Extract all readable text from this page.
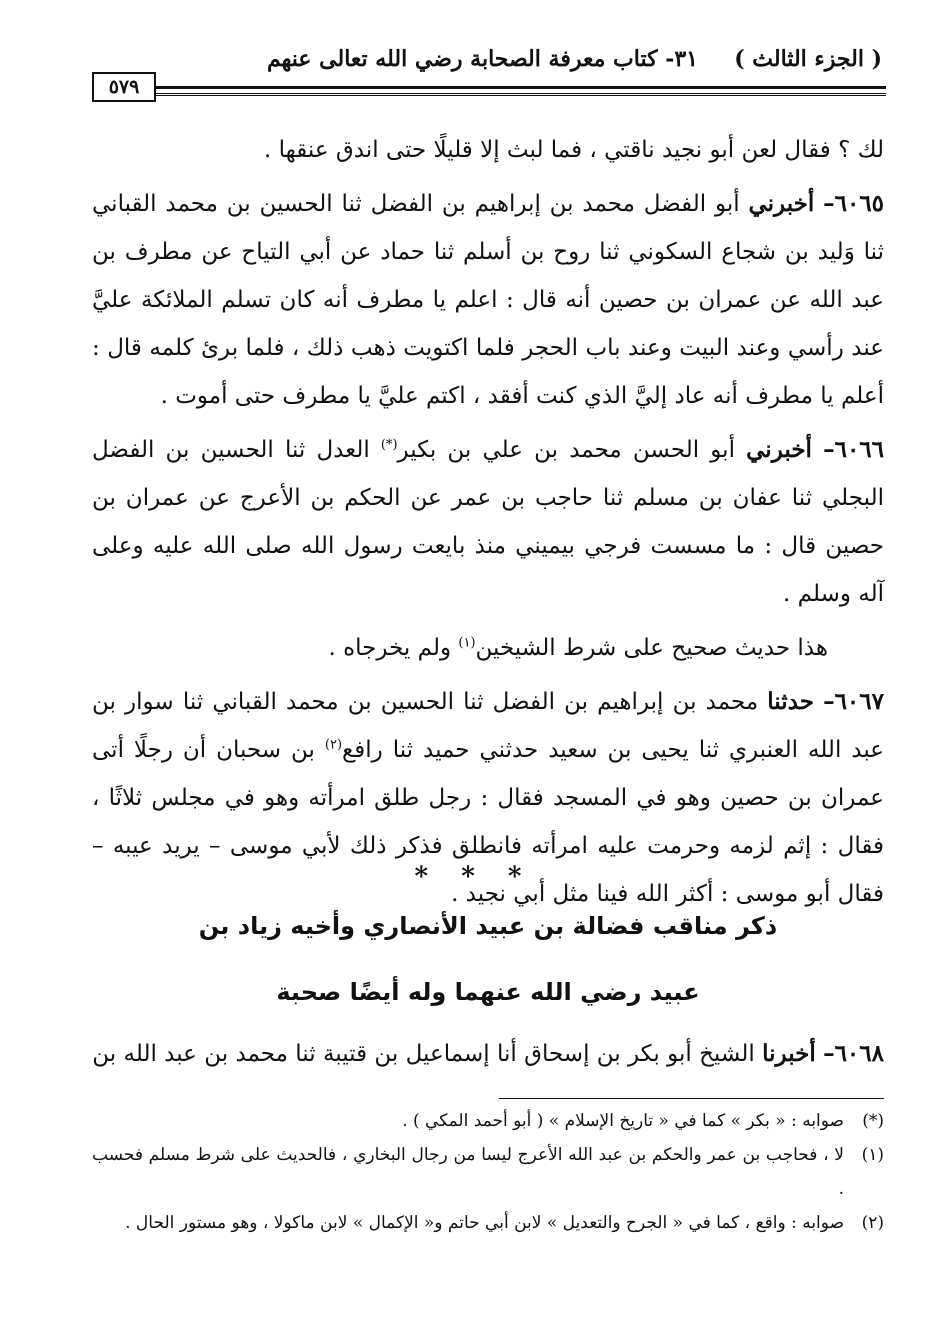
( الجزء الثالث )
٣١- كتاب معرفة الصحابة رضي الله تعالى عنهم
٥٧٩

لك ؟ فقال لعن أبو نجيد ناقتي ، فما لبث إلا قليلًا حتى اندق عنقها .

٦٠٦٥– أخبرني أبو الفضل محمد بن إبراهيم بن الفضل ثنا الحسين بن محمد القباني ثنا وَليد بن شجاع السكوني ثنا روح بن أسلم ثنا حماد عن أبي التياح عن مطرف بن عبد الله عن عمران بن حصين أنه قال : اعلم يا مطرف أنه كان تسلم الملائكة عليَّ عند رأسي وعند البيت وعند باب الحجر فلما اكتويت ذهب ذلك ، فلما برئ كلمه قال : أعلم يا مطرف أنه عاد إليَّ الذي كنت أفقد ، اكتم عليَّ يا مطرف حتى أموت .

٦٠٦٦– أخبرني أبو الحسن محمد بن علي بن بكير(*) العدل ثنا الحسين بن الفضل البجلي ثنا عفان بن مسلم ثنا حاجب بن عمر عن الحكم بن الأعرج عن عمران بن حصين قال : ما مسست فرجي بيميني منذ بايعت رسول الله صلى الله عليه وعلى آله وسلم .

هذا حديث صحيح على شرط الشيخين$^{(١)}$ ولم يخرجاه .

٦٠٦٧– حدثنا محمد بن إبراهيم بن الفضل ثنا الحسين بن محمد القباني ثنا سوار بن عبد الله العنبري ثنا يحيى بن سعيد حدثني حميد ثنا رافع$^{(٢)}$ بن سحبان أن رجلًا أتى عمران بن حصين وهو في المسجد فقال : رجل طلق امرأته وهو في مجلس ثلاثًا ، فقال : إثم لزمه وحرمت عليه امرأته فانطلق فذكر ذلك لأبي موسى – يريد عيبه – فقال أبو موسى : أكثر الله فينا مثل أبي نجيد .

* * *
ذكر مناقب فضالة بن عبيد الأنصاري وأخيه زياد بن
عبيد رضي الله عنهما وله أيضًا صحبة
٦٠٦٨– أخبرنا الشيخ أبو بكر بن إسحاق أنا إسماعيل بن قتيبة ثنا محمد بن عبد الله بن
(*)
صوابه : « بكر » كما في « تاريخ الإسلام » ( أبو أحمد المكي ) .
(١)
لا ، فحاجب بن عمر والحكم بن عبد الله الأعرج ليسا من رجال البخاري ، فالحديث على شرط مسلم فحسب .
(٢)
صوابه : واقع ، كما في « الجرح والتعديل » لابن أبي حاتم و« الإكمال » لابن ماكولا ، وهو مستور الحال .
